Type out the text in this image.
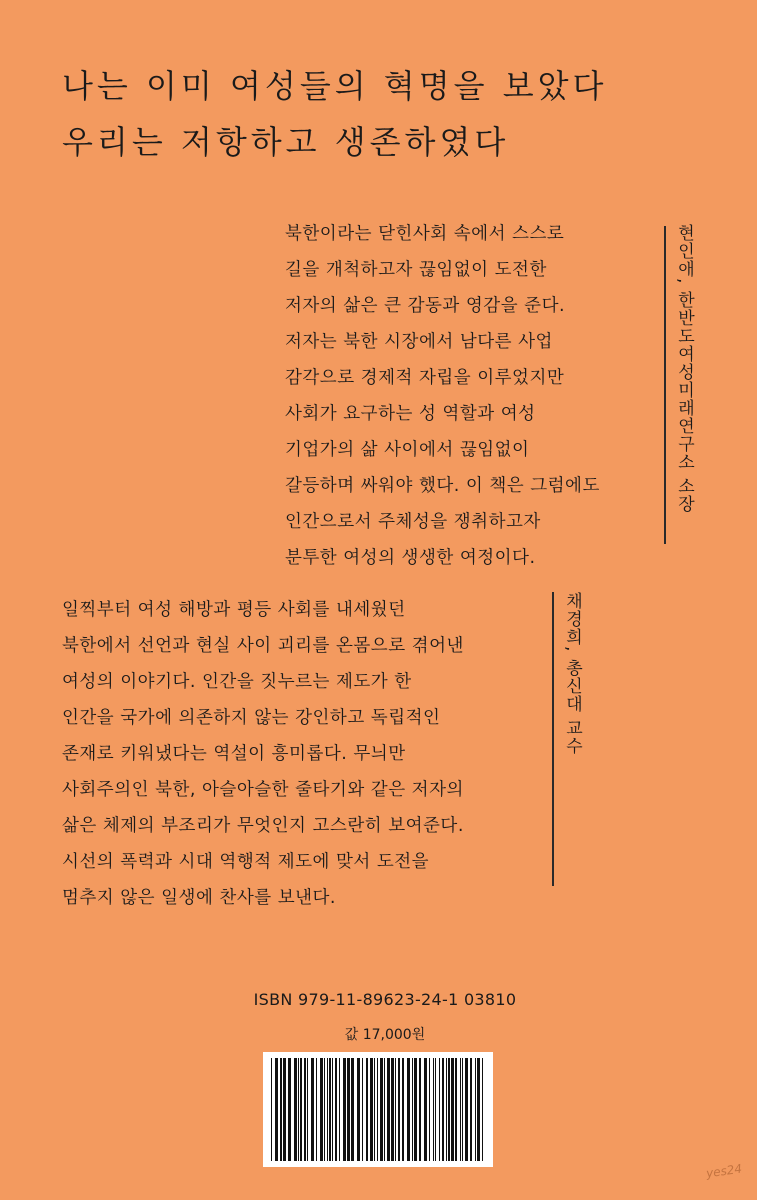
나는 이미 여성들의 혁명을 보았다
우리는 저항하고 생존하였다
북한이라는 닫힌사회 속에서 스스로
길을 개척하고자 끊임없이 도전한
저자의 삶은 큰 감동과 영감을 준다.
저자는 북한 시장에서 남다른 사업
감각으로 경제적 자립을 이루었지만
사회가 요구하는 성 역할과 여성
기업가의 삶 사이에서 끊임없이
갈등하며 싸워야 했다. 이 책은 그럼에도
인간으로서 주체성을 쟁취하고자
분투한 여성의 생생한 여정이다.
현인애, 한반도여성미래연구소 소장
일찍부터 여성 해방과 평등 사회를 내세웠던
북한에서 선언과 현실 사이 괴리를 온몸으로 겪어낸
여성의 이야기다. 인간을 짓누르는 제도가 한
인간을 국가에 의존하지 않는 강인하고 독립적인
존재로 키워냈다는 역설이 흥미롭다. 무늬만
사회주의인 북한, 아슬아슬한 줄타기와 같은 저자의
삶은 체제의 부조리가 무엇인지 고스란히 보여준다.
시선의 폭력과 시대 역행적 제도에 맞서 도전을
멈추지 않은 일생에 찬사를 보낸다.
채경희, 총신대 교수
ISBN 979-11-89623-24-1 03810
값 17,000원
yes24
